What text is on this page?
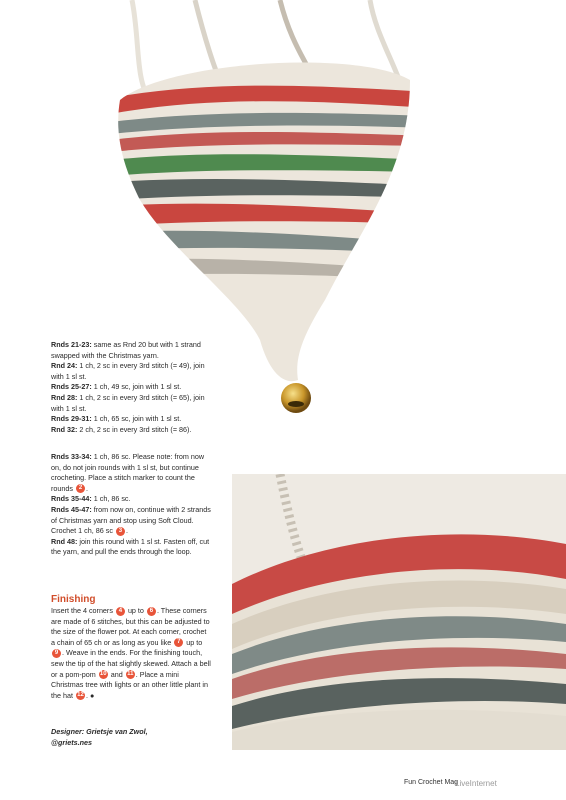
Rnds 21-23: same as Rnd 20 but with 1 strand swapped with the Christmas yarn.

Rnd 24: 1 ch, 2 sc in every 3rd stitch (= 49), join with 1 sl st.

Rnds 25-27: 1 ch, 49 sc, join with 1 sl st.

Rnd 28: 1 ch, 2 sc in every 3rd stitch (= 65), join with 1 sl st.

Rnds 29-31: 1 ch, 65 sc, join with 1 sl st.

Rnd 32: 2 ch, 2 sc in every 3rd stitch (= 86).

Rnds 33-34: 1 ch, 86 sc. Please note: from now on, do not join rounds with 1 sl st, but continue crocheting. Place a stitch marker to count the rounds 2 .

Rnds 35-44: 1 ch, 86 sc.

Rnds 45-47: from now on, continue with 2 strands of Christmas yarn and stop using Soft Cloud. Crochet 1 ch, 86 sc 3 .

Rnd 48: join this round with 1 sl st. Fasten off, cut the yarn, and pull the ends through the loop.

Finishing

Insert the 4 corners 4 up to 6 . These corners are made of 6 stitches, but this can be adjusted to the size of the flower pot. At each corner, crochet a chain of 65 ch or as long as you like 7 up to 9 . Weave in the ends. For the finishing touch, sew the tip of the hat slightly skewed. Attach a bell or a pom-pom 10 and 11 . Place a mini Christmas tree with lights or an other little plant in the hat 12 . ●

Designer: Grietsje van Zwol,
@griets.nes
Fun Crochet Mag
LiveInternet
